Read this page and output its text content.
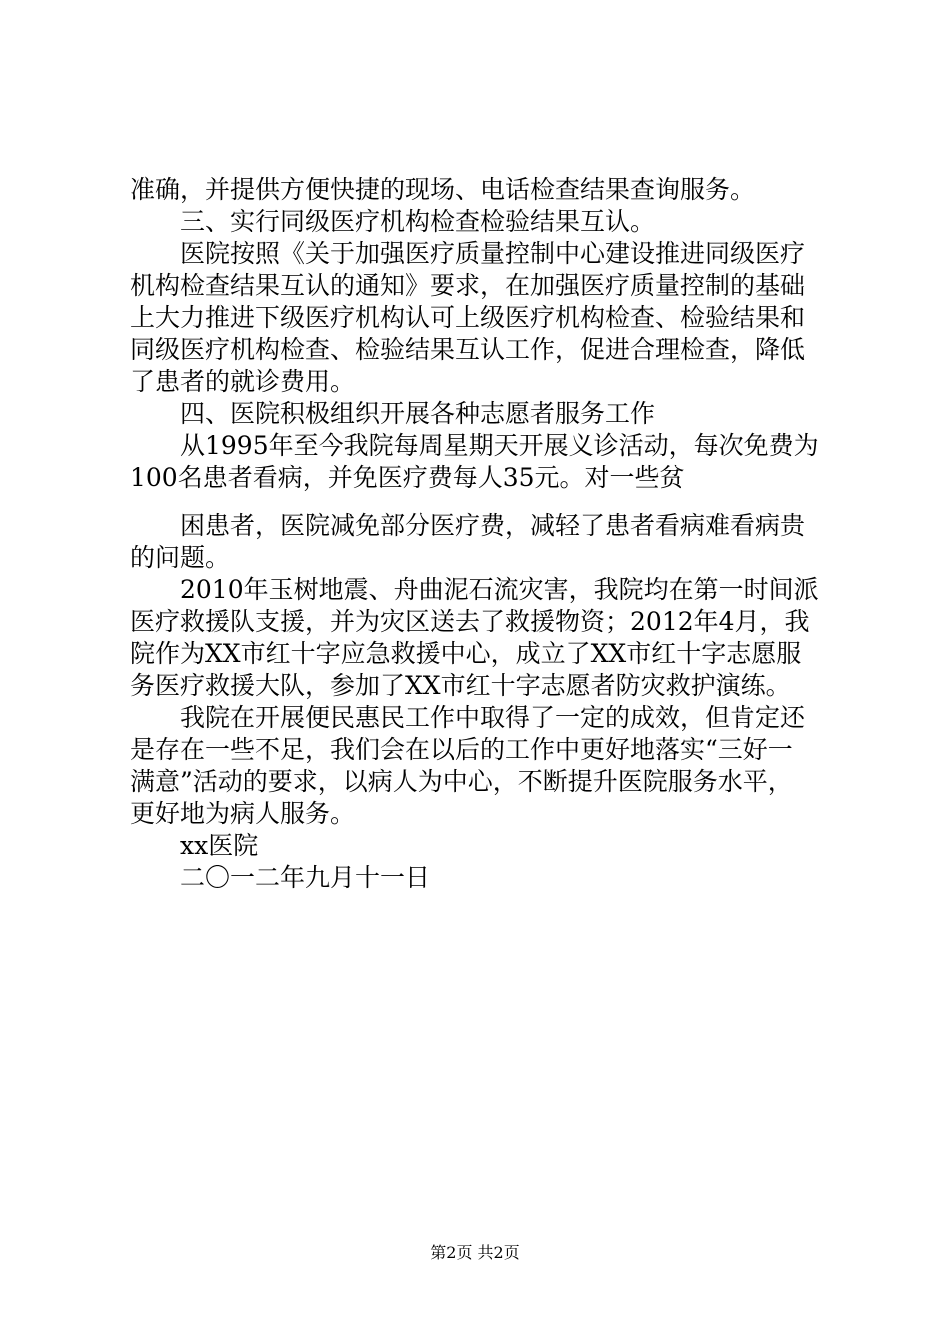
准确，并提供方便快捷的现场、电话检查结果查询服务。
三、实行同级医疗机构检查检验结果互认。
医院按照《关于加强医疗质量控制中心建设推进同级医疗
机构检查结果互认的通知》要求，在加强医疗质量控制的基础
上大力推进下级医疗机构认可上级医疗机构检查、检验结果和
同级医疗机构检查、检验结果互认工作，促进合理检查，降低
了患者的就诊费用。
四、医院积极组织开展各种志愿者服务工作
从1995年至今我院每周星期天开展义诊活动，每次免费为
100名患者看病，并免医疗费每人35元。对一些贫
困患者，医院减免部分医疗费，减轻了患者看病难看病贵
的问题。
2010年玉树地震、舟曲泥石流灾害，我院均在第一时间派
医疗救援队支援，并为灾区送去了救援物资；2012年4月，我
院作为XX市红十字应急救援中心，成立了XX市红十字志愿服
务医疗救援大队，参加了XX市红十字志愿者防灾救护演练。
我院在开展便民惠民工作中取得了一定的成效，但肯定还
是存在一些不足，我们会在以后的工作中更好地落实“三好一
满意”活动的要求，以病人为中心，不断提升医院服务水平，
更好地为病人服务。
xx医院
二〇一二年九月十一日
第2页 共2页
